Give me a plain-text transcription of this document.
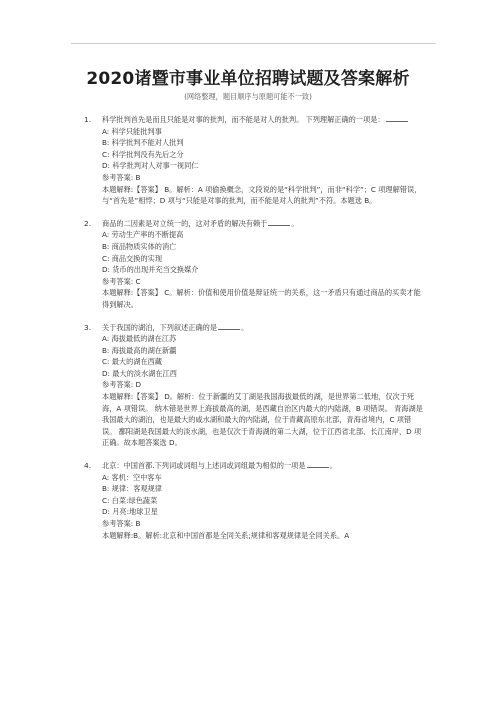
2020诸暨市事业单位招聘试题及答案解析
(网络整理，题目顺序与原题可能不一致)
1. 科学批判首先是而且只能是对事的批判，而不能是对人的批判。 下列理解正确的一项是：

A: 科学只能批判事

B: 科学批判不能对人批判

C: 科学批判没有先后之分

D: 科学批判对人对事一视同仁

参考答案: B

本题解释:【答案】 B。解析：A 项偷换概念，文段说的是“科学批判”，而非“科学”；C 项理解错误，与“首先是”相悖；D 项与“只能是对事的批判，而不能是对人的批判”不符。本题选 B。

2. 商品的二因素是对立统一的，这对矛盾的解决有赖于	。

A: 劳动生产率的不断提高

B: 商品物质实体的消亡

C: 商品交换的实现

D: 货币的出现并充当交换媒介

参考答案: C

本题解释:【答案】 C。解析：价值和使用价值是辩证统一的关系，这一矛盾只有通过商品的买卖才能得到解决。

3. 关于我国的湖泊，下列叙述正确的是	。

A: 海拔最低的湖在江苏

B: 海拔最高的湖在新疆

C: 最大的湖在西藏

D: 最大的淡水湖在江西

参考答案: D

本题解释:【答案】 D。解析：位于新疆的艾丁湖是我国海拔最低的湖，是世界第二低地，仅次于死海，A 项错误。 纳木错是世界上海拔最高的湖，是西藏自治区内最大的内陆湖，B 项错误。 青海湖是我国最大的湖泊，也是最大的咸水湖和最大的内陆湖，位于青藏高原东北部，青海省境内，C 项错误。 鄱阳湖是我国最大的淡水湖，也是仅次于青海湖的第二大湖，位于江西省北部、长江南岸，D 项正确。故本题答案选 D。

4. 北京：中国首都.下列词或词组与上述词或词组最为相似的一项是	。

A: 客机：空中客车

B: 规律：客观规律

C: 白菜:绿色蔬菜

D: 月亮:地球卫星

参考答案: B

本题解释:B。解析:北京和中国首都是全同关系;规律和客观规律是全同关系。A
